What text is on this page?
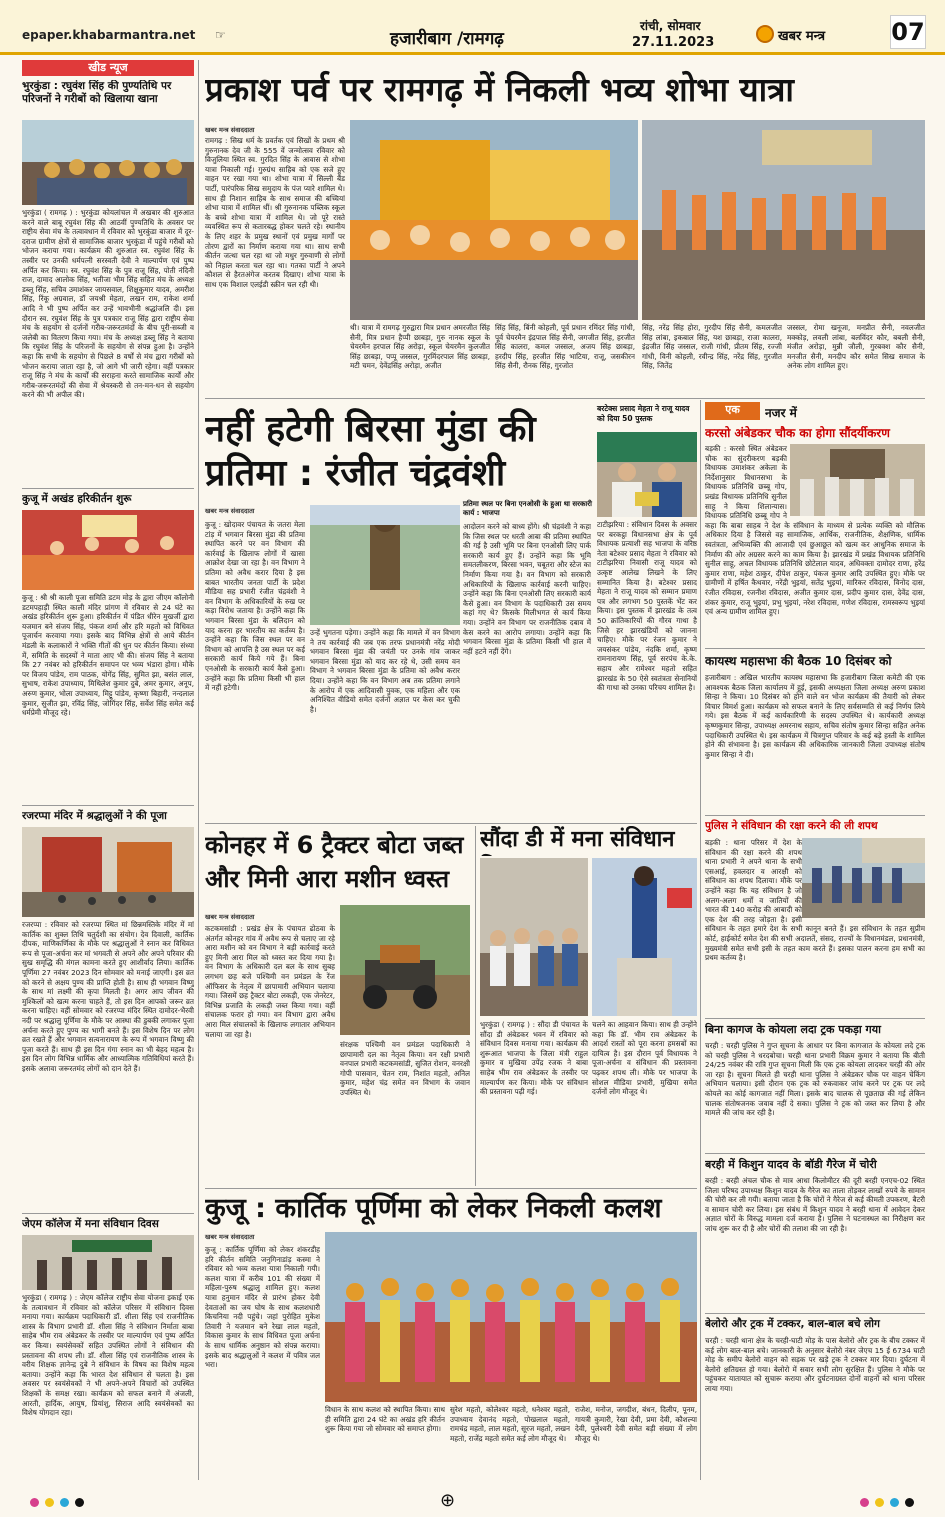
epaper.khabarmantra.net ☞	हजारीबाग /रामगढ़
रांची, सोमवार
27.11.2023	खबर मन्त्र	07
खीड न्यूज
भुरकुंडा : रघुवंश सिंह की पुण्यतिथि पर परिजनों ने गरीबों को खिलाया खाना
भुरकुंडा ( रामगढ़ ) : भुरकुंडा कोयलांचल में अखबार की शुरुआत करने वाले बाबू रघुवंश सिंह की आठवीं पुण्यतिथि के अवसर पर राष्ट्रीय सेवा मंच के तत्वावधान में रविवार को भुरकुंडा बाजार में दूर-दराज ग्रामीण क्षेत्रों से सामाजिक बाजार भुरकुंडा में पहुंचे गरीबों को भोजन कराया गया। कार्यक्रम की शुरुआत स्व. रघुवंश सिंह के तस्वीर पर उनकी धर्मपत्नी सरस्वती देवी ने माल्यार्पण एवं पुष्प अर्पित कर किया। स्व. रघुवंश सिंह के पुत्र राजू सिंह, पोती नंदिनी राज, दामाद आलोक सिंह, भतीजा भीम सिंह सहित मंच के अध्यक्ष डब्लू सिंह, सचिव उमाशंकर जायसवाल, शिक्षुकुमार यादव, अमरीश सिंह, रिंकू अग्रवाल, डॉ जयश्री मेहता, लखन राम, राकेश शर्मा आदि ने भी पुष्प अर्पित कर उन्हें भावभीनी श्रद्धांजलि दी। इस दौरान स्व. रघुवंश सिंह के पुत्र पत्रकार राजू सिंह द्वारा राष्ट्रीय सेवा मंच के सहयोग से दर्जनों गरीब-जरूरतमंदों के बीच पूरी-सब्जी व जलेबी का वितरण किया गया। मंच के अध्यक्ष डब्लू सिंह ने बताया कि रघुवंश सिंह के परिजनों के सहयोग से संपन्न हुआ है। उन्होंने कहा कि सभी के सहयोग से पिछले 8 वर्षों से मंच द्वारा गरीबों को भोजन कराया जाता रहा है, जो आगे भी जारी रहेगा। वहीं पत्रकार राजू सिंह ने मंच के कार्यों की सराहना करते सामाजिक कार्यों और गरीब-जरूरतमंदों की सेवा में श्रेयस्करी से तन-मन-धन से सहयोग करने की भी अपील की।
कुजू में अखंड हरिकीर्तन शुरू
कुजू : श्री श्री काली पूजा समिति डटम मोड़ के द्वारा जीएम कॉलोनी डटमपहाड़ी स्थित काली मंदिर प्रांगण में रविवार से 24 घंटे का अखंड हरिकीर्तन शुरू हुआ। हरिकीर्तन में पंडित धीरेन मुखर्जी द्वारा यजमान बने संजय सिंह, पंकज शर्मा और हरि महतो को विधिवत पूजार्चन करवाया गया। इसके बाद विभिन्न क्षेत्रों से आये कीर्तन मंडली के कलाकारों ने भक्ति गीतों की धुन पर कीर्तन किया। संध्या में, समिति के सदस्यों ने माता आए भी की। संजय सिंह ने बताया कि 27 नवंबर को हरिकीर्तन समापन पर भव्य भंडारा होगा। मौके पर विजय पांडेय, राम पाठक, योगेंद्र सिंह, सुमित झा, बसंत लाल, सुभाष, राकेश उपाध्याय, मिथिलेश कुमार दुबे, अमर कुमार, अनूप, अरुण कुमार, भोला उपाध्याय, मिट्टू पांडेय, कृष्णा बिहारी, नन्दलाल कुमार, सुजीत झा, रविंद्र सिंह, जोगिंदर सिंह, सर्वेश सिंह समेत कई धर्मप्रेमी मौजूद रहे।
रजरप्पा मंदिर में श्रद्धालुओं ने की पूजा
रजरप्पा : रविवार को रजरप्पा स्थित मां छिन्नमस्तिके मंदिर में मां कार्तिक का शुक्ल तिथि चतुर्दशी का संयोग। देव दिवाली, कार्तिक दीपक, माणिकर्णिका के मौके पर श्रद्धालुओं ने स्नान कर विधिवत रूप से पूजा-अर्चना कर मां भगवती से अपने और अपने परिवार की सुख समृद्धि की मंगल कामना करते हुए आशीर्वाद लिया। कार्तिक पूर्णिमा 27 नवंबर 2023 दिन सोमवार को मनाई जाएगी। इस व्रत को करने से अक्षय पुण्य की प्राप्ति होती है। साथ ही भगवान विष्णु के साथ मां लक्ष्मी की कृपा मिलती है। अगर आप जीवन की मुश्किलों को खत्म करना चाहते हैं, तो इस दिन आपको जरूर व्रत करना चाहिए। वहीं सोमवार को रजरप्पा मंदिर स्थित दामोदर-भैरवी नदी पर श्रद्धालु पूर्णिमा के मौके पर आस्था की डुबकी लगाकर पूजा अर्चना करते हुए पुण्य का भागी बनते हैं। इस विशेष दिन पर लोग व्रत रखते हैं और भगवान सत्यनारायण के रूप में भगवान विष्णु की पूजा करते हैं। साथ ही इस दिन गंगा स्नान का भी बेहद महत्व है। इस दिन लोग विभिन्न धार्मिक और आध्यात्मिक गतिविधियां करते हैं। इसके अलावा जरूरतमंद लोगों को दान देते हैं।
जेएम कॉलेज में मना संविधान दिवस
भुरकुंडा ( रामगढ़ ) : जेएम कॉलेज राष्ट्रीय सेवा योजना इकाई एक के तत्वावधान में रविवार को कॉलेज परिसर में संविधान दिवस मनाया गया। कार्यक्रम पदाधिकारी डॉ. शीला सिंह एवं राजनीतिक शास्त्र के विभाग प्रभारी डॉ. शीला सिंह ने संविधान निर्माता बाबा साहेब भीम राव अंबेडकर के तस्वीर पर माल्यार्पण एवं पुष्प अर्पित कर किया। स्वयंसेवकों सहित उपस्थित लोगों ने संविधान की प्रस्तावना की शपथ ली। डॉ. शीला सिंह एवं राजनीतिक शास्त्र के वरीय शिक्षक ज्ञानेन्द्र दुबे ने संविधान के विषय का विशेष महत्व बताया। उन्होंने कहा कि भारत देश संविधान से चलता है। इस अवसर पर स्वयंसेवकों ने भी अपने-अपने विचारों को उपस्थित शिक्षकों के समक्ष रखा। कार्यक्रम को सफल बनाने में अंजली, आरती, हार्दिक, आयुष, प्रियांशु, सिराज आदि स्वयंसेवकों का विशेष योगदान रहा।
प्रकाश पर्व पर रामगढ़ में निकली भव्य शोभा यात्रा
खबर मन्त्र संवाददाता
रामगढ़ : सिख धर्म के प्रवर्तक एवं सिखों के प्रथम श्री गुरुनानक देव जी के 555 वें जन्मोत्सव रविवार को विजुलिया स्थित स्व. गुरदित सिंह के आवास से शोभा यात्रा निकाली गई। गुरुग्रंथ साहिब को एक सजे हुए वाहन पर रखा गया था। शोभा यात्रा में सिल्ली बैंड पार्टी, पारंपरिक सिख समुदाय के पंज प्यारे शामिल थे। साथ ही निशान साहिब के साथ समाज की बच्चियां शोभा यात्रा में शामिल थीं। श्री गुरुनानक पब्लिक स्कूल के बच्चे शोभा यात्रा में शामिल थे। जो पूरे रास्ते व्यवस्थित रूप से कतारबद्ध होकर चलते रहे। स्थानीय के लिए शहर के प्रमुख स्थानों एवं प्रमुख मार्गों पर तोरण द्वारों का निर्माण कराया गया था। साथ सभी कीर्तन जत्था चल रहा था जो मधुर गुरुवाणी से लोगों को निहाल करता चल रहा था। गतका पार्टी ने अपने कौशल से हैरतअंगेज करतब दिखाए। शोभा यात्रा के साथ एक विशाल एलईडी स्क्रीन चल रही थी।
थी। यात्रा में रामगढ़ गुरुद्वारा मित्र प्रधान अमरजीत सिंह सैनी, मित्र प्रधान हैप्पी छाबड़ा, गुरु नानक स्कूल के चेयरमैन हरपाल सिंह अरोड़ा, स्कूल चेयरमैन कुलजीत सिंह छाबड़ा, पप्पू जस्सल, गुरमिंदरपाल सिंह छाबड़ा, मटी चमन, देवेंद्रसिंह अरोड़ा, अजीत
सिंह सिंह, बिंनी कोहली, पूर्व प्रधान रमिंदर सिंह गांधी, पूर्व चेयरमैन इंद्रपाल सिंह सैनी, जगजीत सिंह, हरजीत सिंह कालरा, कमल जस्सल, अजय सिंह छाबड़ा, हरदीप सिंह, हरजीत सिंह भाटिया, राजू, जसकीरन सिंह सैनी, रौनक सिंह, गुरजोत
सिंह, नरेंद्र सिंह होरा, गुरदीप सिंह सैनी, कमलजीत सिंह लांबा, इकबाल सिंह, यश छाबड़ा, राजा कालरा, इंद्रजीत सिंह जस्सल, राजी गांधी, प्रीतम सिंह, रज्जी गांधी, विनी कोहली, रवीन्द्र सिंह, नरेंद्र सिंह, गुरजीत सिंह, जितेंद्र
जस्सल, रोमा खनूजा, मनप्रीत सैनी, नवलजीत मक्कोड़, लवली लांबा, बलविंदर कौर, बबली सैनी, मंजीत अरोड़ा, मुन्नी जौली, गुरबक्श कौर सैनी, मनजीत सैनी, मनदीप कौर समेत सिख समाज के अनेक लोग शामिल हुए।
नहीं हटेगी बिरसा मुंडा की प्रतिमा : रंजीत चंद्रवंशी
खबर मन्त्र संवाददाता
कुजू : खोदावर पंचायत के जतरा मेला टांड़ में भगवान बिरसा मुंडा की प्रतिमा स्थापित करने पर वन विभाग की कार्रवाई के खिलाफ लोगों में खासा आक्रोश देखा जा रहा है। वन विभाग ने प्रतिमा को अवैध करार दिया है इस बाबत भारतीय जनता पार्टी के प्रदेश मीडिया सह प्रभारी रंजीत चंद्रवंशी ने वन विभाग के अधिकारियों के रुख पर कड़ा विरोध जताया है। उन्होंने कहा कि भगवान बिरसा मुंडा के बलिदान को याद करना हर भारतीय का कर्तव्य है। उन्होंने कहा कि जिस स्थल पर वन विभाग को आपत्ति है उस स्थल पर कई सरकारी कार्य किये गये हैं। बिना एनओसी के सरकारी कार्य कैसे हुआ। उन्होंने कहा कि प्रतिमा किसी भी हाल में नहीं हटेगी।
प्रतिमा स्थल पर बिना एनओसी के हुआ था सरकारी कार्य : भाजपा
उन्हें भुगतना पड़ेगा। उन्होंने कहा कि मामले में वन विभाग ने तय कार्रवाई की जब एक तरफ प्रधानमंत्री नरेंद्र मोदी भगवान बिरसा मुंडा की जयंती पर उनके गांव जाकर भगवान बिरसा मुंडा को याद कर रहे थे, उसी समय वन विभाग ने भगवान बिरसा मुंडा के प्रतिमा को अवैध करार दिया। उन्होंने कहा कि वन विभाग अब तक प्रतिमा लगाने के आरोप में एक आदिवासी युवक, एक महिला और एक अनिश्चित वीडियो समेत दर्जनों अज्ञात पर केस कर चुकी है।
आदोलन करने को बाध्य होंगे। श्री चंद्रवंशी ने कहा कि जिस स्थल पर धरती आबा की प्रतिमा स्थापित की गई है उसी भूमि पर बिना एनओसी लिए पार्क सरकारी कार्य हुए हैं। उन्होंने कहा कि भूमि समतलीकरण, बिरसा भवन, चबूतरा और स्टेज का निर्माण किया गया है। वन विभाग को सरकारी अधिकारियों के खिलाफ कार्रवाई करनी चाहिए। उन्होंने कहा कि बिना एनओसी लिए सरकारी कार्य कैसे हुआ। वन विभाग के पदाधिकारी उस समय कहां गए थे? किसके मिलीभगत से कार्य किया गया। उन्होंने वन विभाग पर राजनीतिक दबाव में केस करने का आरोप लगाया। उन्होंने कहा कि भगवान बिरसा मुंडा के प्रतिमा किसी भी हाल में नहीं हटने नहीं देंगे।
बरटेक्स प्रसाद मेहता ने राजू यादव को दिया 50 पुस्तक
टाटीझरिया : संविधान दिवस के अवसर पर बरकट्ठा विधानसभा क्षेत्र के पूर्व विधायक प्रत्याशी सह भाजपा के वरिष्ठ नेता बटेश्वर प्रसाद मेहता ने रविवार को टाटीझरिया निवासी राजू यादव को उत्कृष्ट आलेख लिखने के लिए सम्मानित किया है। बटेश्वर प्रसाद मेहता ने राजू यादव को सम्मान प्रमाण पत्र और लगभग 50 पुस्तकें भेंट कर किया। इस पुस्तक में झारखंड के तत्व 50 क्रांतिकारियों की गौरव गाथा है जिसे हर झारखंडियों को जानना चाहिए। मौके पर रंजन कुमार ने जयसंकर पांडेय, नंदकि शर्मा, कृष्ण रामनारायण सिंह, पूर्व सरपंच के.के. सहाय और रामेश्वर महतो सहित झारखंड के 50 ऐसे स्वतंत्रता सेनानियों की गाथा को उनका परिचय शामिल है।
कोनहर में 6 ट्रैक्टर बोटा जब्त और मिनी आरा मशीन ध्वस्त
खबर मन्त्र संवाददाता
कटकमसांडी : प्रखंड क्षेत्र के पंचायत ढोठवा के अंतर्गत कोनहर गांव में अवैध रूप से चलाए जा रहे आरा मशीन को वन विभाग ने बड़ी कार्रवाई करते हुए मिनी आरा मिल को ध्वस्त कर दिया गया है। वन विभाग के अधिकारी दल बल के साथ सुबह लगभग छह बजे पश्चिमी वन प्रमंडल के रेंज ऑफिसर के नेतृत्व में छापामारी अभियान चलाया गया। जिसमें छह ट्रैक्टर बोटा लकड़ी, एक जेनरेटर, विभिन्न प्रजाति के लकड़ी जब्त किया गया। वहीं संचालक फरार हो गया। वन विभाग द्वारा अवैध आरा मिल संचालकों के खिलाफ लगातार अभियान चलाया जा रहा है।
संरक्षक पश्चिमी वन प्रमंडल पदाधिकारी ने छापामारी दल का नेतृत्व किया। वन रक्षी प्रभारी वनपाल प्रभारी कटकमसांडी, सुजित रोशन, वनरक्षी गोपी पासवान, चेतन राम, निशांत महतो, अनिल कुमार, महेश चंद्र समेत वन विभाग के जवान उपस्थित थे।
सौंदा डी में मना संविधान
भुरकुंडा ( रामगढ़ ) : सौंदा डी पंचायत के सौंदा डी अंबेडकर भवन में रविवार को संविधान दिवस मनाया गया। कार्यक्रम की शुरूआत भाजपा के जिला मंत्री राहुल कुमार व मुखिया उपेंद्र रजक ने बाबा साहेब भीम राव अंबेडकर के तस्वीर पर माल्यार्पण कर किया। मौके पर संविधान की प्रस्तावना पढ़ी गई।
चलने का आहवान किया। साथ ही उन्होंने कहा कि डॉ. भीम राव अंबेडकर के आदर्श रास्तों को पूरा करना हमसबों का दायित्व है। इस दौरान पूर्व विधायक ने पूजा-अर्चना व संविधान की प्रस्तावना पढ़कर शपथ ली। मौके पर भाजपा के सोशल मीडिया प्रभारी, मुखिया समेत दर्जनों लोग मौजूद थे।
कुजू : कार्तिक पूर्णिमा को लेकर निकली कलश
खबर मन्त्र संवाददाता
कुजू : कार्तिक पूर्णिमा को लेकर शंकरडीह हरि कीर्तन समिति जनुगिनाडांड़ कस्मा ने रविवार को भव्य कलश यात्रा निकाली गयी। कलश यात्रा में करीब 101 की संख्या में महिला-पुरुष श्रद्धालु शामिल हुए। कलश यात्रा हनुमान मंदिर से प्रारंभ होकर देवी देवताओं का जय घोष के साथ कलशधारी किचनिया नदी पहुंचे। जहां पुरोहित मुकेश तिवारी ने यजमान बने रेखा लाल महतो, विकास कुमार के साथ विधिवत पूजा अर्चना के साथ धार्मिक अनुष्ठान को संपन्न कराया। इसके बाद श्रद्धालुओं ने कलश में पवित्र जल भरा।
विधान के साथ कलश को स्थापित किया। साथ ही समिति द्वारा 24 घंटे का अखंड हरि कीर्तन शुरू किया गया जो सोमवार को समाप्त होगा।
सुरेश महतो, कोलेश्वर महतो, धनेश्वर महतो, उपाध्याय देवानंद महतो, पोखलाल महतो, रामचंद्र महतो, लाल महतो, सूरज महतो, लखन महतो, राजेंद्र महतो समेत कई लोग मौजूद थे।
राजेश, मनोज, जगदीश, बंधन, दिलीप, पूनम, गायत्री कुमारी, रेखा देवी, प्रमा देवी, कौशल्या देवी, पुलेश्वरी देवी समेत बड़ी संख्या में लोग मौजूद थे।
एक	नजर में
करसो अंबेडकर चौक का होगा सौंदर्यीकरण
बड़की : करसो स्थित अंबेडकर चौक का सुंदरीकरण बड़की विधायक उमाशंकर अकेला के निर्देशानुसार विधानसभा के विधायक प्रतिनिधि छब्बू गोप, प्रखंड विधायक प्रतिनिधि सुनील साहू ने किया शिलान्यास। विधायक प्रतिनिधि छब्बू गोप ने कहा कि बाबा साहब ने देश के संविधान के माध्यम से प्रत्येक व्यक्ति को मौलिक अधिकार दिया है जिससे वह सामाजिक, आर्थिक, राजनीतिक, शैक्षणिक, धार्मिक स्वतंत्रता, अभिव्यक्ति की आजादी एवं छुआछूत को खत्म कर आधुनिक समाज के निर्माण की ओर अग्रसर करने का काम किया है। झारखंड में प्रखंड विधायक प्रतिनिधि सुनील साहू, अचल विधायक प्रतिनिधि छोटेलाल यादव, अधिवक्ता दामोदर राणा, हरेंद्र कुमार राणा, महेश ठाकुर, दीपेश ठाकुर, पंकज कुमार आदि उपस्थित हुए। मौके पर ग्रामीणों में हर्षित कैथवार, नरेंद्री भुइयां, सतेंद्र भुइयां, मारिकर रविदास, विनोद दास, रंजीत रविदास, रजनीश रविदास, अजीत कुमार दास, प्रदीप कुमार दास, देवेंद्र दास, शंकर कुमार, राजू भुइयां, प्रभु भुइयां, नरेश रविदास, गणेश रविदास, रामस्वरूप भुइयां एवं अन्य ग्रामीण शामिल हुए।
कायस्थ महासभा की बैठक 10 दिसंबर को
हजारीबाग : अखिल भारतीय कायस्थ महासभा कि हजारीबाग जिला कमेटी की एक आवश्यक बैठक जिला कार्यालय में हुई, इसकी अध्यक्षता जिला अध्यक्ष अरुण प्रकाश सिन्हा ने किया। 10 दिसंबर को होने वाले वन भोज कार्यक्रम की तैयारी को लेकर विचार विमर्श हुआ। कार्यक्रम को सफल बनाने के लिए सर्वसम्मति से कई निर्णय लिये गये। इस बैठक में कई कार्यकारिणी के सदस्य उपस्थित थे। कार्यकारी अध्यक्ष कृष्णकुमार सिन्हा, उपाध्यक्ष अमरनाथ सहाय, सचिव संतोष कुमार सिन्हा सहित अनेक पदाधिकारी उपस्थित थे। इस कार्यक्रम में चित्रगुप्त परिवार के कई बड़े हस्ती के शामिल होने की संभावना है। इस कार्यक्रम की अधिकारिक जानकारी जिला उपाध्यक्ष संतोष कुमार सिन्हा ने दी।
पुलिस ने संविधान की रक्षा करने की ली शपथ
बड़की : थाना परिसर में देश के संविधान की रक्षा करने की शपथ थाना प्रभारी ने अपने थाना के सभी एसआई, हवलदार व आरक्षी को संविधान का शपथ दिलाया। मौके पर उन्होंने कहा कि यह संविधान है जो अलग-अलग धर्मों व जातियों की भारत की 140 करोड़ की आबादी को एक देश की तरह जोड़ता है। इसी संविधान के तहत हमारे देश के सभी कानून बनते हैं। इस संविधान के तहत सुप्रीम कोर्ट, हाईकोर्ट समेत देश की सभी अदालतें, संसद, राज्यों के विधानमंडल, प्रधानमंत्री, मुख्यमंत्री समेत सभी इसी के तहत काम करते हैं। इसका पालन करना हम सभी का प्रथम कर्तव्य है।
बिना कागज के कोयला लदा ट्रक पकड़ा गया
चरही : चरही पुलिस ने गुप्त सूचना के आधार पर बिना कागजात के कोयला लदे ट्रक को चरही पुलिस ने धरदबोचा। चरही थाना प्रभारी विक्रम कुमार ने बताया कि बीती 24/25 नवंबर की रात्रि गुप्त सूचना मिली कि एक ट्रक कोयला लादकर चरही की ओर जा रहा है। सूचना मिलते ही चरही थाना पुलिस ने अंबेडकर चौक पर वाहन चेकिंग अभियान चलाया। इसी दौरान एक ट्रक को रुकवाकर जांच करने पर ट्रक पर लदे कोयले का कोई कागजात नहीं मिला। इसके बाद चालक से पूछताछ की गई लेकिन चालक संतोषजनक जवाब नहीं दे सका। पुलिस ने ट्रक को जब्त कर लिया है और मामले की जांच कर रही है।
बरही में किशुन यादव के बॉडी गैरेज में चोरी
बरही : बरही अंचल चौक से मात्र आधा किलोमीटर की दूरी बरही एनएच-02 स्थित जिला परिषद उपाध्यक्ष किशुन यादव के गैरेज का ताला तोड़कर लाखों रुपये के सामान की चोरी कर ली गयी। बताया जाता है कि चोरों ने गैरेज से कई कीमती उपकरण, बैटरी व सामान चोरी कर लिया। इस संबंध में किशुन यादव ने बरही थाना में आवेदन देकर अज्ञात चोरों के विरुद्ध मामला दर्ज कराया है। पुलिस ने घटनास्थल का निरीक्षण कर जांच शुरू कर दी है और चोरों की तलाश की जा रही है।
बेलोरो और ट्रक में टक्कर, बाल-बाल बचे लोग
चरही : चरही थाना क्षेत्र के चरही-घाटी मोड़ के पास बेलोरो और ट्रक के बीच टक्कर में कई लोग बाल-बाल बचे। जानकारी के अनुसार बेलोरो नंबर जेएच 15 ई 6734 घाटी मोड़ के समीप बेलोरो वाहन को सड़क पर खड़े ट्रक ने टक्कर मार दिया। दुर्घटना में बेलोरो क्षतिग्रस्त हो गया। बेलोरो में सवार सभी लोग सुरक्षित हैं। पुलिस ने मौके पर पहुंचकर यातायात को सुचारू कराया और दुर्घटनाग्रस्त दोनों वाहनों को थाना परिसर लाया गया।
⊕
